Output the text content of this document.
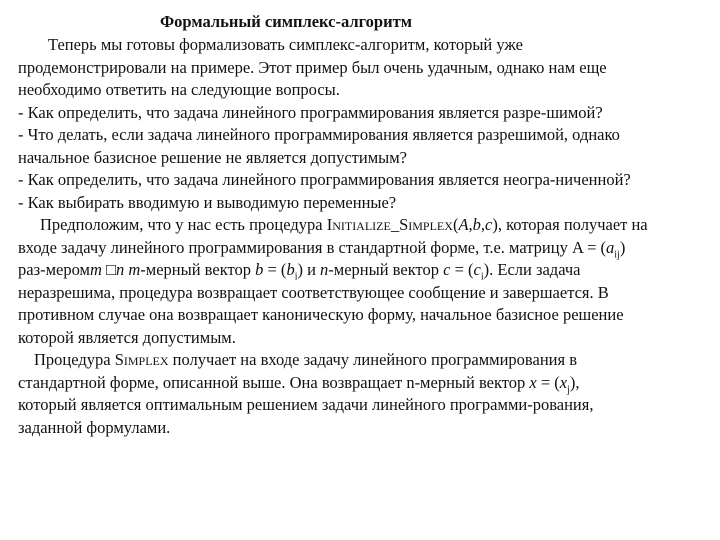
Формальный симплекс-алгоритм
Теперь мы готовы формализовать симплекс-алгоритм, который уже
продемонстрировали на примере. Этот пример был очень удачным, однако нам еще
необходимо ответить на следующие вопросы.
- Как определить, что задача линейного программирования является разре-шимой?
- Что делать, если задача линейного программирования является разрешимой, однако
начальное базисное решение не является допустимым?
- Как определить, что задача линейного программирования является неогра-ниченной?
- Как выбирать вводимую и выводимую переменные?
Предположим, что у нас есть процедура Initialize_Simplex(A,b,c), которая получает на
входе задачу линейного программирования в стандартной форме, т.е. матрицу $A = (a_{ij})$
раз-меромm □n m-мерный вектор $b = (b_i)$ и n-мерный вектор $c = (c_i)$. Если задача
неразрешима, процедура возвращает соответствующее сообщение и завершается. В
противном случае она возвращает каноническую форму, начальное базисное решение
которой является допустимым.
Процедура Simplex получает на входе задачу линейного программирования в
стандартной форме, описанной выше. Она возвращает n-мерный вектор $x = (x_j)$,
который является оптимальным решением задачи линейного программи-рования,
заданной формулами.
